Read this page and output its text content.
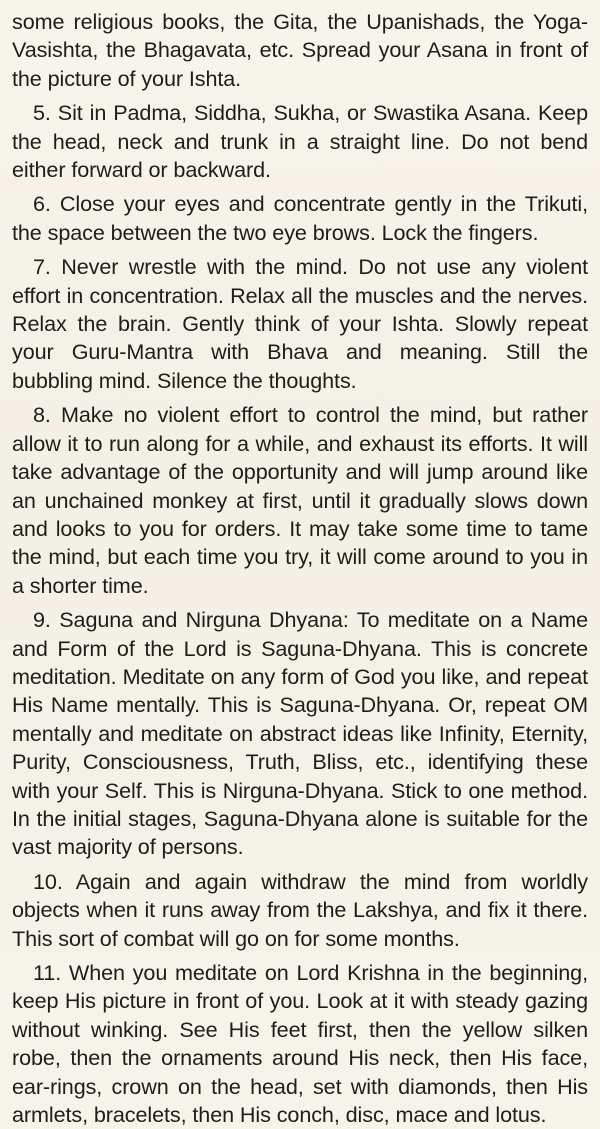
some religious books, the Gita, the Upanishads, the Yoga-Vasishta, the Bhagavata, etc. Spread your Asana in front of the picture of your Ishta.

5. Sit in Padma, Siddha, Sukha, or Swastika Asana. Keep the head, neck and trunk in a straight line. Do not bend either forward or backward.

6. Close your eyes and concentrate gently in the Trikuti, the space between the two eye brows. Lock the fingers.

7. Never wrestle with the mind. Do not use any violent effort in concentration. Relax all the muscles and the nerves. Relax the brain. Gently think of your Ishta. Slowly repeat your Guru-Mantra with Bhava and meaning. Still the bubbling mind. Silence the thoughts.

8. Make no violent effort to control the mind, but rather allow it to run along for a while, and exhaust its efforts. It will take advantage of the opportunity and will jump around like an unchained monkey at first, until it gradually slows down and looks to you for orders. It may take some time to tame the mind, but each time you try, it will come around to you in a shorter time.

9. Saguna and Nirguna Dhyana: To meditate on a Name and Form of the Lord is Saguna-Dhyana. This is concrete meditation. Meditate on any form of God you like, and repeat His Name mentally. This is Saguna-Dhyana. Or, repeat OM mentally and meditate on abstract ideas like Infinity, Eternity, Purity, Consciousness, Truth, Bliss, etc., identifying these with your Self. This is Nirguna-Dhyana. Stick to one method. In the initial stages, Saguna-Dhyana alone is suitable for the vast majority of persons.

10. Again and again withdraw the mind from worldly objects when it runs away from the Lakshya, and fix it there. This sort of combat will go on for some months.

11. When you meditate on Lord Krishna in the beginning, keep His picture in front of you. Look at it with steady gazing without winking. See His feet first, then the yellow silken robe, then the ornaments around His neck, then His face, ear-rings, crown on the head, set with diamonds, then His armlets, bracelets, then His conch, disc, mace and lotus.
